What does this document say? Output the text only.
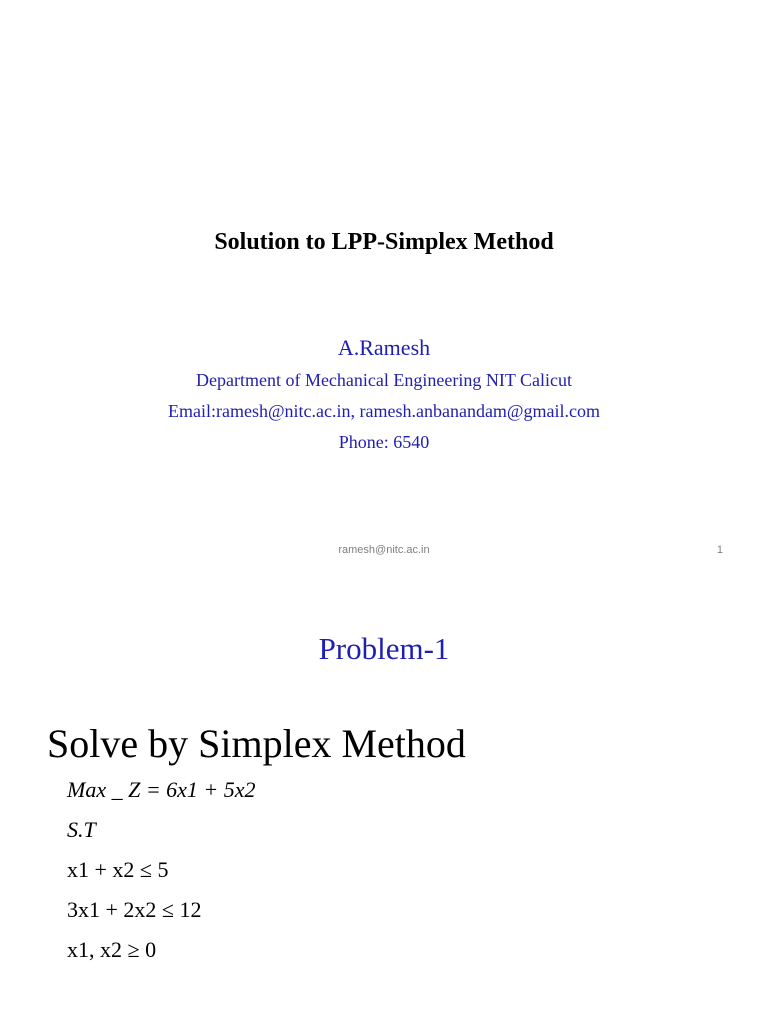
Solution to LPP-Simplex Method
A.Ramesh
Department of Mechanical Engineering NIT Calicut
Email:ramesh@nitc.ac.in, ramesh.anbanandam@gmail.com
Phone: 6540
ramesh@nitc.ac.in	1
Problem-1
Solve by Simplex Method
Max _ Z = 6x1 + 5x2
S.T
x1 + x2 ≤ 5
3x1 + 2x2 ≤ 12
x1, x2 ≥ 0
